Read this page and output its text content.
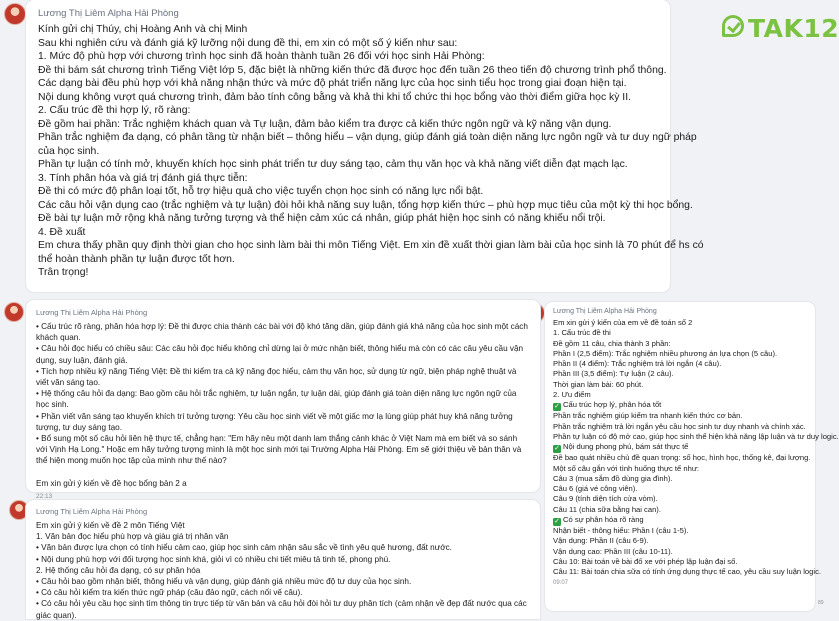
Lương Thị Liêm Alpha Hải Phòng
Kính gửi chị Thúy, chị Hoàng Anh và chị Minh
Sau khi nghiên cứu và đánh giá kỹ lưỡng nội dung đề thi, em xin có một số ý kiến như sau:
1. Mức độ phù hợp với chương trình học sinh đã hoàn thành tuần 26 đối với học sinh Hải Phòng:
Đề thi bám sát chương trình Tiếng Việt lớp 5, đặc biệt là những kiến thức đã được học đến tuần 26 theo tiến độ chương trình phổ thông.
Các dạng bài đều phù hợp với khả năng nhận thức và mức độ phát triển năng lực của học sinh tiểu học trong giai đoạn hiện tại.
Nội dung không vượt quá chương trình, đảm bảo tính công bằng và khả thi khi tổ chức thi học bổng vào thời điểm giữa học kỳ II.
2. Cấu trúc đề thi hợp lý, rõ ràng:
Đề gồm hai phần: Trắc nghiệm khách quan và Tự luận, đảm bảo kiểm tra được cả kiến thức ngôn ngữ và kỹ năng vận dụng.
Phần trắc nghiệm đa dạng, có phân tầng từ nhận biết – thông hiểu – vận dụng, giúp đánh giá toàn diện năng lực ngôn ngữ và tư duy ngữ pháp
của học sinh.
Phần tự luận có tính mở, khuyến khích học sinh phát triển tư duy sáng tạo, cảm thụ văn học và khả năng viết diễn đạt mạch lạc.
3. Tính phân hóa và giá trị đánh giá thực tiễn:
Đề thi có mức độ phân loại tốt, hỗ trợ hiệu quả cho việc tuyển chọn học sinh có năng lực nổi bật.
Các câu hỏi vận dụng cao (trắc nghiệm và tự luận) đòi hỏi khả năng suy luận, tổng hợp kiến thức – phù hợp mục tiêu của một kỳ thi học bổng.
Đề bài tự luận mở rộng khả năng tưởng tượng và thể hiện cảm xúc cá nhân, giúp phát hiện học sinh có năng khiếu nổi trội.
4. Đề xuất
Em chưa thấy phần quy định thời gian cho học sinh làm bài thi môn Tiếng Việt. Em xin đề xuất thời gian làm bài của học sinh là 70 phút để hs có
thể hoàn thành phần tự luận được tốt hơn.
Trân trọng!
TAK12
Lương Thị Liêm Alpha Hải Phòng
• Cấu trúc rõ ràng, phân hóa hợp lý: Đề thi được chia thành các bài với độ khó tăng dần, giúp đánh giá khả năng của học sinh một cách khách quan.
• Câu hỏi đọc hiểu có chiều sâu: Các câu hỏi đọc hiểu không chỉ dừng lại ở mức nhận biết, thông hiểu mà còn có các câu yêu cầu vận dụng, suy luận, đánh giá.
• Tích hợp nhiều kỹ năng Tiếng Việt: Đề thi kiểm tra cả kỹ năng đọc hiểu, cảm thụ văn học, sử dụng từ ngữ, biện pháp nghệ thuật và viết văn sáng tạo.
• Hệ thống câu hỏi đa dạng: Bao gồm câu hỏi trắc nghiệm, tự luận ngắn, tự luận dài, giúp đánh giá toàn diện năng lực ngôn ngữ của học sinh.
• Phần viết văn sáng tạo khuyến khích trí tưởng tượng: Yêu cầu học sinh viết về một giấc mơ lạ lùng giúp phát huy khả năng tưởng tượng, tư duy sáng tạo.
• Bổ sung một số câu hỏi liên hệ thực tế, chẳng hạn: "Em hãy nêu một danh lam thắng cảnh khác ở Việt Nam mà em biết và so sánh với Vịnh Hạ Long." Hoặc em hãy tưởng tượng mình là một học sinh mới tại Trường Alpha Hải Phòng. Em sẽ giới thiệu về bản thân và thể hiện mong muốn học tập của mình như thế nào?
Em xin gửi ý kiến về đề học bổng bản 2 a
22:13
Lương Thị Liêm Alpha Hải Phòng
Em xin gửi ý kiến về đề 2 môn Tiếng Việt
1. Văn bản đọc hiểu phù hợp và giàu giá trị nhân văn
• Văn bản được lựa chọn có tính hiểu cảm cao, giúp học sinh cảm nhận sâu sắc về tình yêu quê hương, đất nước.
• Nội dung phù hợp với đối tượng học sinh khá, giỏi vì có nhiều chi tiết miêu tả tinh tế, phong phú.
2. Hệ thống câu hỏi đa dạng, có sự phân hóa
• Câu hỏi bao gồm nhận biết, thông hiểu và vận dụng, giúp đánh giá nhiều mức độ tư duy của học sinh.
• Có câu hỏi kiểm tra kiến thức ngữ pháp (câu đảo ngữ, cách nối vế câu).
• Có câu hỏi yêu cầu học sinh tìm thông tin trực tiếp từ văn bản và câu hỏi đòi hỏi tư duy phân tích (cảm nhận về đẹp đất nước qua các giác quan).
Lương Thị Liêm Alpha Hải Phòng
Em xin gửi ý kiến của em về đề toán số 2
1. Cấu trúc đề thi
Đề gồm 11 câu, chia thành 3 phần:
Phần I (2,5 điểm): Trắc nghiệm nhiều phương án lựa chọn (5 câu).
Phần II (4 điểm): Trắc nghiệm trả lời ngắn (4 câu).
Phần III (3,5 điểm): Tự luận (2 câu).
Thời gian làm bài: 60 phút.
2. Ưu điểm
✓ Cấu trúc hợp lý, phân hóa tốt
Phần trắc nghiệm giúp kiểm tra nhanh kiến thức cơ bản.
Phần trắc nghiệm trả lời ngắn yêu cầu học sinh tư duy nhanh và chính xác.
Phần tự luận có độ mở cao, giúp học sinh thể hiện khả năng lập luận và tư duy logic.
✓ Nội dung phong phú, bám sát thực tế
Đề bao quát nhiều chủ đề quan trọng: số học, hình học, thống kê, đại lượng.
Một số câu gắn với tình huống thực tế như:
Câu 3 (mua sắm đồ dùng gia đình).
Câu 6 (giá vé công viên).
Câu 9 (tính diện tích cửa vòm).
Câu 11 (chia sữa bằng hai can).
✓ Có sự phân hóa rõ ràng
Nhận biết - thông hiểu: Phần I (câu 1-5).
Vận dụng: Phần II (câu 6-9).
Vận dụng cao: Phần III (câu 10-11).
Câu 10: Bài toán về bài đố xe với phép lập luận đại số.
Câu 11: Bài toán chia sữa có tính ứng dụng thực tế cao, yêu cầu suy luận logic.
09:07
89
